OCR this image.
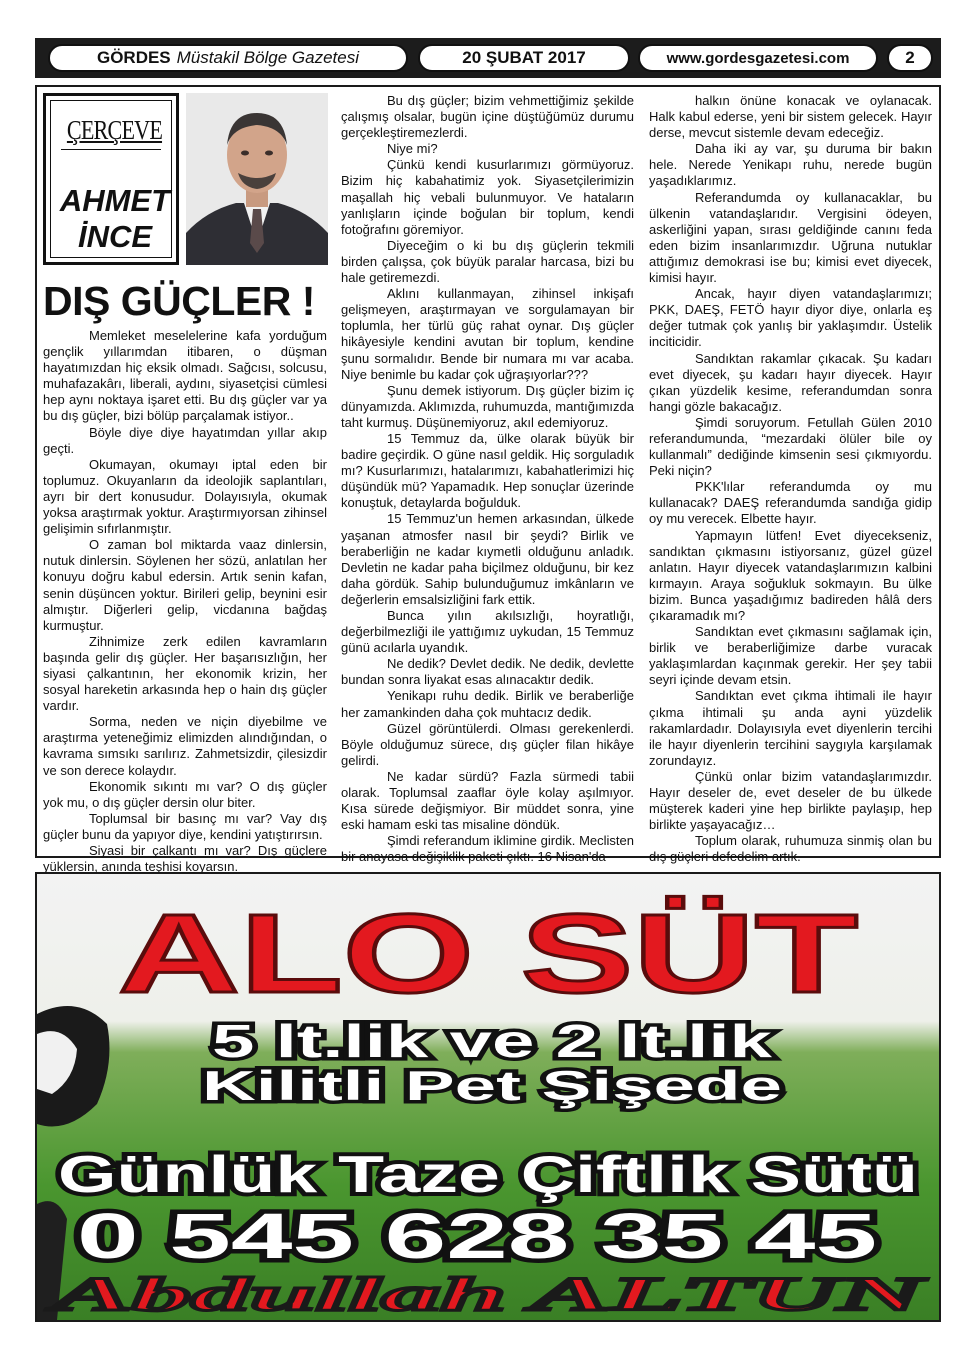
GÖRDES Müstakil Bölge Gazetesi	20 ŞUBAT 2017	www.gordesgazetesi.com	2
ÇERÇEVE
AHMET
İNCE
DIŞ GÜÇLER !

Memleket meselelerine kafa yorduğum gençlik yıllarımdan itibaren, o düşman hayatımızdan hiç eksik olmadı. Sağcısı, solcusu, muhafazakârı, liberali, aydını, siyasetçisi cümlesi hep aynı noktaya işaret etti. Bu dış güçler var ya bu dış güçler, bizi bölüp parçalamak istiyor..

Böyle diye diye hayatımdan yıllar akıp geçti.

Okumayan, okumayı iptal eden bir toplumuz. Okuyanların da ideolojik saplantıları, ayrı bir dert konusudur. Dolayısıyla, okumak yoksa araştırmak yoktur. Araştırmıyorsan zihinsel gelişimin sıfırlanmıştır.

O zaman bol miktarda vaaz dinlersin, nutuk dinlersin. Söylenen her sözü, anlatılan her konuyu doğru kabul edersin. Artık senin kafan, senin düşüncen yoktur. Birileri gelip, beynini esir almıştır. Diğerleri gelip, vicdanına bağdaş kurmuştur.

Zihnimize zerk edilen kavramların başında gelir dış güçler. Her başarısızlığın, her siyasi çalkantının, her ekonomik krizin, her sosyal hareketin arkasında hep o hain dış güçler vardır.

Sorma, neden ve niçin diyebilme ve araştırma yeteneğimiz elimizden alındığından, o kavrama sımsıkı sarılırız. Zahmetsizdir, çilesizdir ve son derece kolaydır.

Ekonomik sıkıntı mı var? O dış güçler yok mu, o dış güçler dersin olur biter.

Toplumsal bir basınç mı var? Vay dış güçler bunu da yapıyor diye, kendini yatıştırırsın.

Siyasi bir çalkantı mı var? Dış güçlere yüklersin, anında teşhisi koyarsın.

Bu dış güçler; bizim vehmettiğimiz şekilde çalışmış olsalar, bugün içine düştüğümüz durumu gerçekleştiremezlerdi.

Niye mi?

Çünkü kendi kusurlarımızı görmüyoruz. Bizim hiç kabahatimiz yok. Siyasetçilerimizin maşallah hiç vebali bulunmuyor. Ve hataların yanlışların içinde boğulan bir toplum, kendi fotoğrafını göremiyor.

Diyeceğim o ki bu dış güçlerin tekmili birden çalışsa, çok büyük paralar harcasa, bizi bu hale getiremezdi.

Aklını kullanmayan, zihinsel inkişafı gelişmeyen, araştırmayan ve sorgulamayan bir toplumla, her türlü güç rahat oynar. Dış güçler hikâyesiyle kendini avutan bir toplum, kendine şunu sormalıdır. Bende bir numara mı var acaba. Niye benimle bu kadar çok uğraşıyorlar???

Şunu demek istiyorum. Dış güçler bizim iç dünyamızda. Aklımızda, ruhumuzda, mantığımızda taht kurmuş. Düşünemiyoruz, akıl edemiyoruz.

15 Temmuz da, ülke olarak büyük bir badire geçirdik. O güne nasıl geldik. Hiç sorguladık mı? Kusurlarımızı, hatalarımızı, kabahatlerimizi hiç düşündük mü? Yapamadık. Hep sonuçlar üzerinde konuştuk, detaylarda boğulduk.

15 Temmuz'un hemen arkasından, ülkede yaşanan atmosfer nasıl bir şeydi? Birlik ve beraberliğin ne kadar kıymetli olduğunu anladık. Devletin ne kadar paha biçilmez olduğunu, bir kez daha gördük. Sahip bulunduğumuz imkânların ve değerlerin emsalsizliğini fark ettik.

Bunca yılın akılsızlığı, hoyratlığı, değerbilmezliği ile yattığımız uykudan, 15 Temmuz günü acılarla uyandık.

Ne dedik? Devlet dedik. Ne dedik, devlette bundan sonra liyakat esas alınacaktır dedik.

Yenikapı ruhu dedik. Birlik ve beraberliğe her zamankinden daha çok muhtacız dedik.

Güzel görüntülerdi. Olması gerekenlerdi. Böyle olduğumuz sürece, dış güçler filan hikâye gelirdi.

Ne kadar sürdü? Fazla sürmedi tabii olarak. Toplumsal zaaflar öyle kolay aşılmıyor. Kısa sürede değişmiyor. Bir müddet sonra, yine eski hamam eski tas misaline döndük.

Şimdi referandum iklimine girdik. Meclisten bir anayasa değişiklik paketi çıktı. 16 Nisan'da

halkın önüne konacak ve oylanacak. Halk kabul ederse, yeni bir sistem gelecek. Hayır derse, mevcut sistemle devam edeceğiz.

Daha iki ay var, şu duruma bir bakın hele. Nerede Yenikapı ruhu, nerede bugün yaşadıklarımız.

Referandumda oy kullanacaklar, bu ülkenin vatandaşlarıdır. Vergisini ödeyen, askerliğini yapan, sırası geldiğinde canını feda eden bizim insanlarımızdır. Uğruna nutuklar attığımız demokrasi ise bu; kimisi evet diyecek, kimisi hayır.

Ancak, hayır diyen vatandaşlarımızı; PKK, DAEŞ, FETÖ hayır diyor diye, onlarla eş değer tutmak çok yanlış bir yaklaşımdır. Üstelik inciticidir.

Sandıktan rakamlar çıkacak. Şu kadarı evet diyecek, şu kadarı hayır diyecek. Hayır çıkan yüzdelik kesime, referandumdan sonra hangi gözle bakacağız.

Şimdi soruyorum. Fetullah Gülen 2010 referandumunda, “mezardaki ölüler bile oy kullanmalı” dediğinde kimsenin sesi çıkmıyordu. Peki niçin?

PKK'lılar referandumda oy mu kullanacak? DAEŞ referandumda sandığa gidip oy mu verecek. Elbette hayır.

Yapmayın lütfen! Evet diyecekseniz, sandıktan çıkmasını istiyorsanız, güzel güzel anlatın. Hayır diyecek vatandaşlarımızın kalbini kırmayın. Araya soğukluk sokmayın. Bu ülke bizim. Bunca yaşadığımız badireden hâlâ ders çıkaramadık mı?

Sandıktan evet çıkmasını sağlamak için, birlik ve beraberliğimize darbe vuracak yaklaşımlardan kaçınmak gerekir. Her şey tabii seyri içinde devam etsin.

Sandıktan evet çıkma ihtimali ile hayır çıkma ihtimali şu anda ayni yüzdelik rakamlardadır. Dolayısıyla evet diyenlerin tercihi ile hayır diyenlerin tercihini saygıyla karşılamak zorundayız.

Çünkü onlar bizim vatandaşlarımızdır. Hayır deseler de, evet deseler de bu ülkede müşterek kaderi yine hep birlikte paylaşıp, hep birlikte yaşayacağız…

Toplum olarak, ruhumuza sinmiş olan bu dış güçleri defedelim artık.

ALO SÜT
5 lt.lik ve 2 lt.lik
Kilitli Pet Şişede
Günlük Taze Çiftlik Sütü
0 545 628 35 45
Abdullah ALTUN
